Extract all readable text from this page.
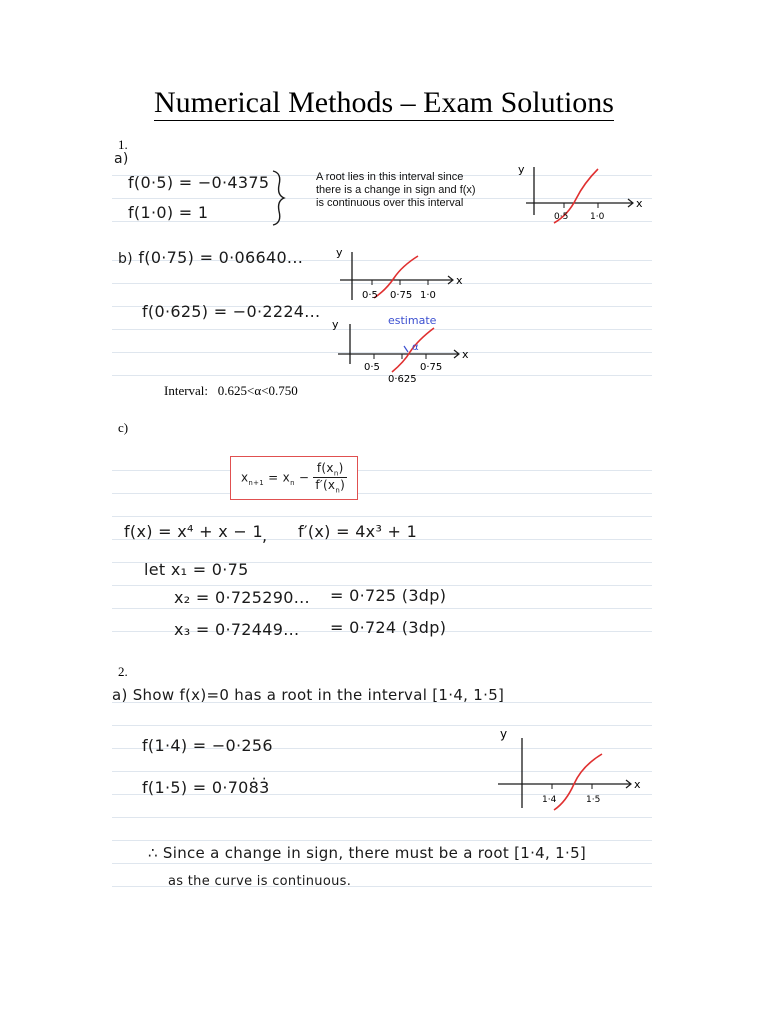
Numerical Methods – Exam Solutions
1.
a)
f(0·5) = −0·4375
f(1·0) = 1
A root lies in this interval since there is a change in sign and f(x) is continuous over this interval
y
x
0·5 1·0
b) f(0·75) = 0·06640...
f(0·625) = −0·2224...
y
x
0·5 0·75 1·0
y
x
estimate
α
0·5	0·75
0·625
Interval: 0.625<α<0.750
c)
$x_{n+1} = x_n - \frac{f(x_n)}{f'(x_n)}$
f(x) = x⁴ + x − 1 , f′(x) = 4x³ + 1
let x₁ = 0·75
x₂ = 0·725290... = 0·725 (3dp)
x₃ = 0·72449... = 0·724 (3dp)
2.
a) Show f(x)=0 has a root in the interval [1·4, 1·5]
f(1·4) = −0·256
f(1·5) = 0·708̇3̇
y
x
1·4	1·5
∴ Since a change in sign, there must be a root [1·4, 1·5]
as the curve is continuous.
